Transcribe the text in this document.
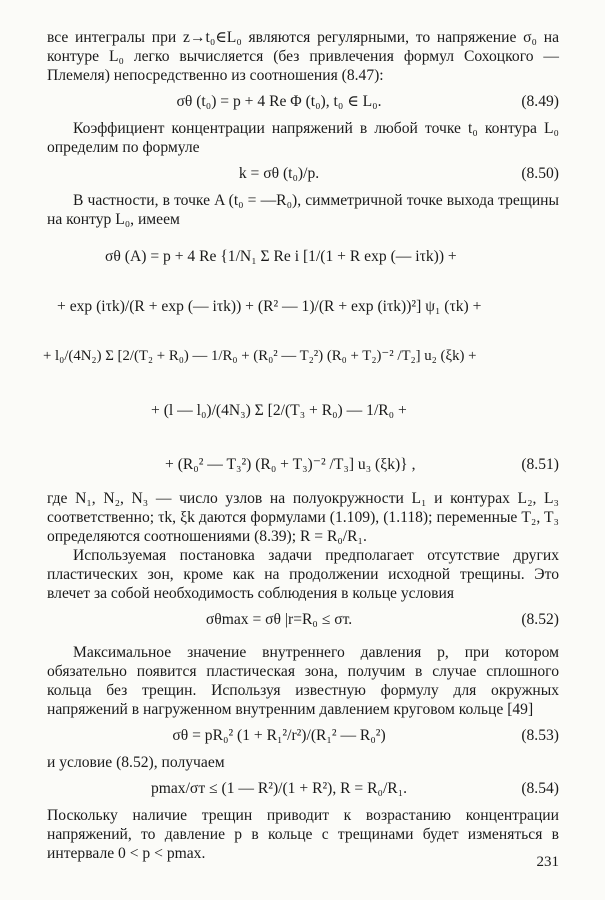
все интегралы при z→t₀∈L₀ являются регулярными, то напряжение σ₀ на контуре L₀ легко вычисляется (без привлечения формул Сохоцкого — Племеля) непосредственно из соотношения (8.47):

σθ (t₀) = p + 4 Re Φ (t₀), t₀ ∈ L₀.	(8.49)

Коэффициент концентрации напряжений в любой точке t₀ контура L₀ определим по формуле

k = σθ (t₀)/p.	(8.50)

В частности, в точке A (t₀ = —R₀), симметричной точке выхода трещины на контур L₀, имеем

σθ (A) = p + 4 Re {1/N₁ Σ Re i [1/(1 + R exp (— iτk)) +
+ exp (iτk)/(R + exp (— iτk)) + (R² — 1)/(R + exp (iτk))²] ψ₁ (τk) +
+ l₀/(4N₂) Σ [2/(T₂ + R₀) — 1/R₀ + (R₀² — T₂²) (R₀ + T₂)⁻² /T₂] u₂ (ξk) +
+ (l — l₀)/(4N₃) Σ [2/(T₃ + R₀) — 1/R₀ +
+ (R₀² — T₃²) (R₀ + T₃)⁻² /T₃] u₃ (ξk)} ,	(8.51)

где N₁, N₂, N₃ — число узлов на полуокружности L₁ и контурах L₂, L₃ соответственно; τk, ξk даются формулами (1.109), (1.118); переменные T₂, T₃ определяются соотношениями (8.39); R = R₀/R₁.

Используемая постановка задачи предполагает отсутствие других пластических зон, кроме как на продолжении исходной трещины. Это влечет за собой необходимость соблюдения в кольце условия

σθmax = σθ |r=R₀ ≤ σт.	(8.52)

Максимальное значение внутреннего давления p, при котором обязательно появится пластическая зона, получим в случае сплошного кольца без трещин. Используя известную формулу для окружных напряжений в нагруженном внутренним давлением круговом кольце [49]

σθ = pR₀² (1 + R₁²/r²)/(R₁² — R₀²)	(8.53)

и условие (8.52), получаем

pmax/σт ≤ (1 — R²)/(1 + R²), R = R₀/R₁.	(8.54)

Поскольку наличие трещин приводит к возрастанию концентрации напряжений, то давление p в кольце с трещинами будет изменяться в интервале 0 < p < pmax.	231
